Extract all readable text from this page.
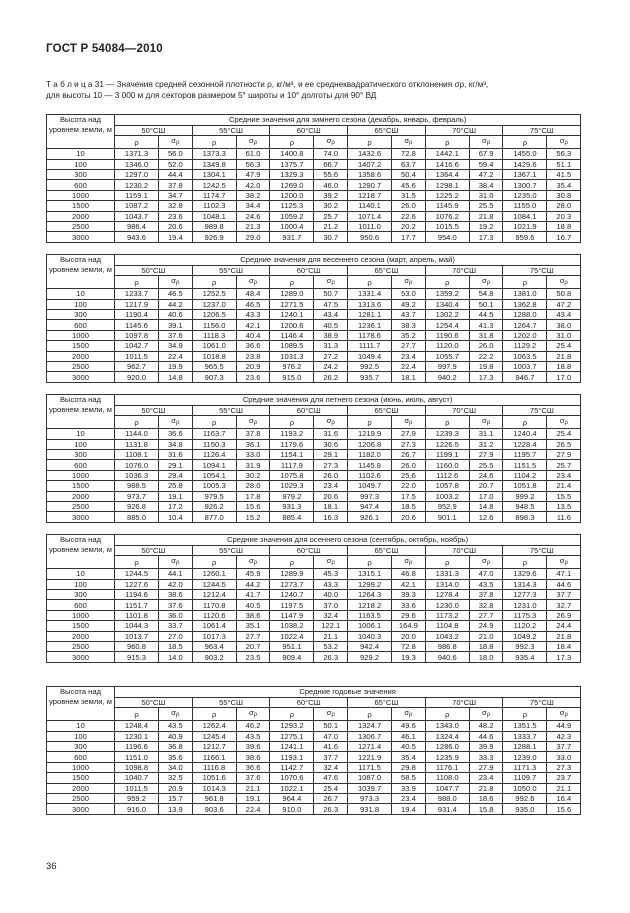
ГОСТ Р 54084—2010
Т а б л и ц а 31 — Значения средней сезонной плотности ρ, кг/м³, и ее среднеквадратического отклонения σρ, кг/м³,
для высоты 10 — 3 000 м для секторов размером 5° широты и 10° долготы для 90° ВД
Высота над уровнем земли, м	Средние значения для зимнего сезона (декабрь, январь, февраль)											
	50°СШ		55°СШ		60°СШ		65°СШ		70°СШ		75°СШ	
	ρ	$\sigma_\rho$	ρ	$\sigma_\rho$	ρ	$\sigma_\rho$	ρ	$\sigma_\rho$	ρ	$\sigma_\rho$	ρ	$\sigma_\rho$
10	1371.3	56.0	1373.3	61.0	1400.8	74.0	1432.6	72.8	1442.1	67.9	1455.0	56.3
100	1346.0	52.0	1349.8	56.3	1375.7	66.7	1407.2	63.7	1416.6	59.4	1429.6	51.1
300	1297.0	44.4	1304.1	47.9	1329.3	55.6	1358.6	50.4	1364.4	47.2	1367.1	41.5
600	1230.2	37.8	1242.5	42.0	1269.0	46.0	1290.7	45.6	1298.1	38.4	1300.7	35.4
1000	1159.1	34.7	1174.7	38.2	1200.0	39.2	1218.7	31.5	1225.2	31.0	1235.0	30.8
1500	1087.2	32.8	1102.3	34.4	1125.3	30.2	1140.1	26.0	1145.9	25.5	1155.0	28.0
2000	1043.7	23.6	1048.1	24.6	1059.2	25.7	1071.4	22.6	1076.2	21.8	1084.1	20.3
2500	986.4	20.6	989.8	21.3	1000.4	21.2	1011.0	20.2	1015.5	19.2	1021.9	18.8
3000	943.6	19.4	926.9	29.0	931.7	30.7	950.6	17.7	954.0	17.3	959.6	16.7
Высота над уровнем земли, м	Средние значения для весеннего сезона (март, апрель, май)											
	50°СШ		55°СШ		60°СШ		65°СШ		70°СШ		75°СШ	
	ρ	$\sigma_\rho$	ρ	$\sigma_\rho$	ρ	$\sigma_\rho$	ρ	$\sigma_\rho$	ρ	$\sigma_\rho$	ρ	$\sigma_\rho$
10	1233.7	46.5	1252.5	48.4	1289.0	50.7	1331.4	53.0	1359.2	54.8	1381.0	50.8
100	1217.9	44.2	1237.0	46.5	1271.5	47.5	1313.6	49.2	1340.4	50.1	1362.8	47.2
300	1190.4	40.6	1206.5	43.3	1240.1	43.4	1281.1	43.7	1302.2	44.5	1288.0	43.4
600	1145.6	39.1	1156.0	42.1	1200.6	40.5	1236.1	38.3	1254.4	41.3	1264.7	38.0
1000	1097.8	37.6	1118.3	40.4	1146.4	38.9	1178.6	35.2	1190.6	31.8	1202.0	31.0
1500	1042.7	34.9	1061.0	36.6	1089.5	31.3	1111.7	27.7	1120.0	26.0	1129.2	25.4
2000	1011.5	22.4	1018.8	23.8	1031.3	27.2	1049.4	23.4	1055.7	22.2	1063.5	21.8
2500	962.7	19.9	965.5	20.9	976.2	24.2	992.5	22.4	997.9	19.8	1003.7	18.8
3000	920.0	14.8	907.3	23.6	915.0	26.2	935.7	18.1	940.2	17.3	946.7	17.0
Высота над уровнем земли, м	Средние значения для летнего сезона (июнь, июль, август)											
	50°СШ		55°СШ		60°СШ		65°СШ		70°СШ		75°СШ	
	ρ	$\sigma_\rho$	ρ	$\sigma_\rho$	ρ	$\sigma_\rho$	ρ	$\sigma_\rho$	ρ	$\sigma_\rho$	ρ	$\sigma_\rho$
10	1144.0	36.6	1163.7	37.8	1193.2	31.6	1219.9	27.9	1239.3	31.1	1240.4	25.4
100	1131.8	34.8	1150.3	36.1	1179.6	30.6	1206.8	27.3	1226.5	31.2	1228.4	26.5
300	1108.1	31.6	1126.4	33.0	1154.1	29.1	1182.0	26.7	1199.1	27.9	1195.7	27.9
600	1076.0	29.1	1094.1	31.9	1117.9	27.3	1145.9	26.0	1160.0	25.5	1151.5	25.7
1000	1036.3	29.4	1054.1	30.2	1075.8	26.0	1102.6	25.6	1112.6	24.6	1104.2	23.4
1500	988.5	25.8	1005.3	28.0	1029.3	23.4	1049.7	22.0	1057.8	20.7	1051.8	21.4
2000	973.7	19.1	979.5	17.8	979.2	20.6	997.3	17.5	1003.2	17.0	999.2	15.5
2500	926.8	17.2	926.2	15.6	931.3	18.1	947.4	18.5	952.9	14.8	948.5	13.5
3000	885.0	10.4	877.0	15.2	885.4	16.3	926.1	20.6	901.1	12.6	898.3	11.6
Высота над уровнем земли, м	Средние значения для осеннего сезона (сентябрь, октябрь, ноябрь)											
	50°СШ		55°СШ		60°СШ		65°СШ		70°СШ		75°СШ	
	ρ	$\sigma_\rho$	ρ	$\sigma_\rho$	ρ	$\sigma_\rho$	ρ	$\sigma_\rho$	ρ	$\sigma_\rho$	ρ	$\sigma_\rho$
10	1244.5	44.1	1260.1	45.9	1289.9	45.3	1315.1	46.8	1331.3	47.0	1329.6	47.1
100	1227.6	42.0	1244.5	44.2	1273.7	43.3	1299.2	42.1	1314.0	43.5	1314.3	44.6
300	1194.6	38.6	1212.4	41.7	1240.7	40.0	1264.3	39.3	1278.4	37.8	1277.3	37.7
600	1151.7	37.6	1170.8	40.5	1197.5	37.0	1218.2	33.6	1230.0	32.8	1231.0	32.7
1000	1101.8	36.0	1120.6	38.6	1147.9	32.4	1163.5	29.6	1173.2	27.7	1175.3	26.9
1500	1044.3	33.7	1061.4	35.1	1038.2	122.1	1006.1	164.9	1104.8	24.9	1120.2	24.4
2000	1013.7	27.0	1017.3	27.7	1022.4	21.1	1040.3	20.0	1043.2	21.0	1049.2	21.8
2500	960.8	18.5	963.4	20.7	951.1	53.2	942.4	72.8	986.8	18.8	992.3	18.4
3000	915.3	14.0	903.2	23.5	909.4	26.3	929.2	19.3	940.6	18.0	935.4	17.3
Высота над уровнем земли, м	Средние годовые значения											
	50°СШ		55°СШ		60°СШ		65°СШ		70°СШ		75°СШ	
	ρ	$\sigma_\rho$	ρ	$\sigma_\rho$	ρ	$\sigma_\rho$	ρ	$\sigma_\rho$	ρ	$\sigma_\rho$	ρ	$\sigma_\rho$
10	1248.4	43.5	1262.4	46.2	1293.2	50.1	1324.7	49.6	1343.0	48.2	1351.5	44.9
100	1230.1	40.9	1245.4	43.5	1275.1	47.0	1306.7	46.1	1324.4	44.6	1333.7	42.3
300	1196.6	36.8	1212.7	39.6	1241.1	41.6	1271.4	40.5	1286.0	39.9	1288.1	37.7
600	1151.0	35.6	1166.1	38.6	1193.1	37.7	1221.9	35.4	1235.9	33.3	1239.0	33.0
1000	1098.8	34.0	1116.8	36.6	1142.7	32.4	1171.5	29.8	1176.1	27.9	1171.3	27.3
1500	1040.7	32.5	1051.6	37.6	1070.6	47.6	1087.0	58.5	1108.0	23.4	1109.7	23.7
2000	1011.5	20.9	1014.3	21.1	1022.1	25.4	1039.7	33.9	1047.7	21.8	1050.0	21.1
2500	959.2	15.7	961.8	19.1	964.4	26.7	973.3	23.4	988.0	18.6	992.6	16.4
3000	916.0	13.9	903.6	22.4	910.0	26.3	931.8	19.4	931.4	15.8	935.0	15.6
36
